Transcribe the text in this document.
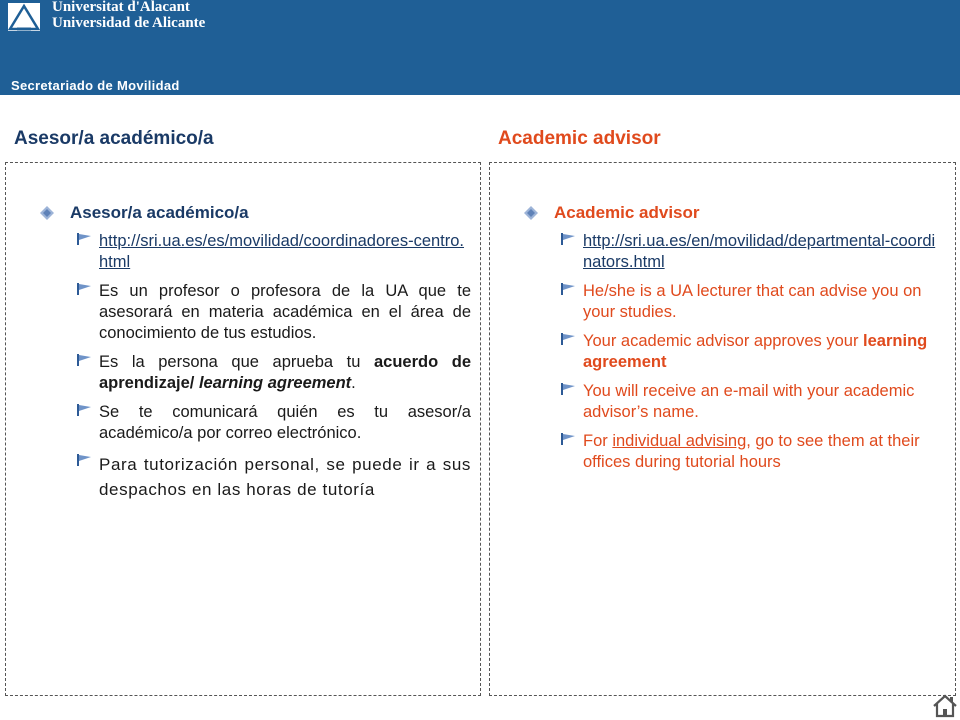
Universitat d'Alacant
Universidad de Alicante
Secretariado de Movilidad
Asesor/a académico/a	Academic advisor
Asesor/a académico/a
http://sri.ua.es/es/movilidad/coordinadores-centro.html
Es un profesor o profesora de la UA que te asesorará en materia académica en el área de conocimiento de tus estudios.
Es la persona que aprueba tu acuerdo de aprendizaje/ learning agreement.
Se te comunicará quién es tu asesor/a académico/a por correo electrónico.
Para tutorización personal, se puede ir a sus despachos en las horas de tutoría
Academic advisor
http://sri.ua.es/en/movilidad/departmental-coordinators.html
He/she is a UA lecturer that can advise you on your studies.
Your academic advisor approves your learning agreement
You will receive an e-mail with your academic advisor’s name.
For individual advising, go to see them at their offices during tutorial hours
